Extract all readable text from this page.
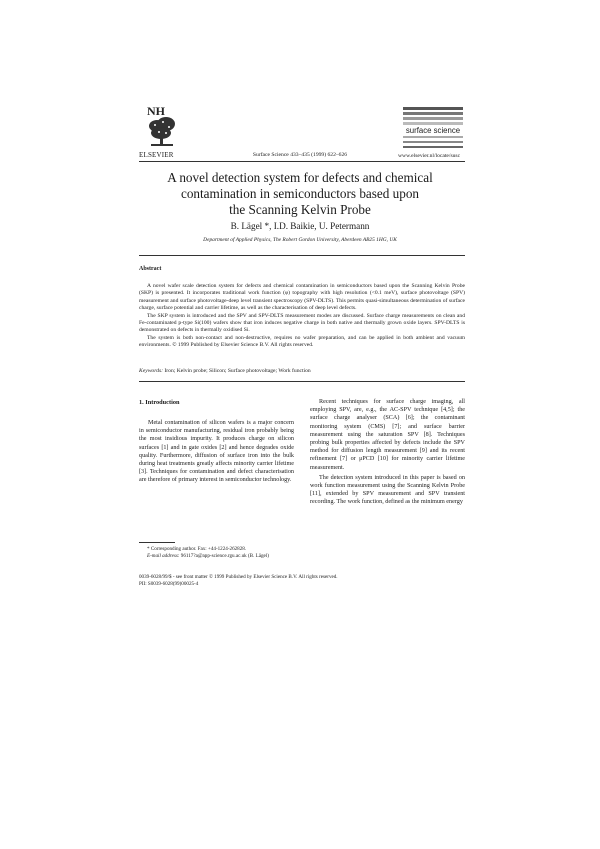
NH
ELSEVIER	Surface Science 433–435 (1999) 622–626
surface science
www.elsevier.nl/locate/susc
A novel detection system for defects and chemical
contamination in semiconductors based upon
the Scanning Kelvin Probe
B. Lägel *, I.D. Baikie, U. Petermann
Department of Applied Physics, The Robert Gordon University, Aberdeen AB25 1HG, UK
Abstract

A novel wafer scale detection system for defects and chemical contamination in semiconductors based upon the Scanning Kelvin Probe (SKP) is presented. It incorporates traditional work function (φ) topography with high resolution (<0.1 meV), surface photovoltage (SPV) measurement and surface photovoltage-deep level transient spectroscopy (SPV-DLTS). This permits quasi-simultaneous determination of surface charge, surface potential and carrier lifetime, as well as the characterisation of deep level defects.

The SKP system is introduced and the SPV and SPV-DLTS measurement modes are discussed. Surface charge measurements on clean and Fe-contaminated p-type Si(100) wafers show that iron induces negative charge in both native and thermally grown oxide layers. SPV-DLTS is demonstrated on defects in thermally oxidised Si.

The system is both non-contact and non-destructive, requires no wafer preparation, and can be applied in both ambient and vacuum environments. © 1999 Published by Elsevier Science B.V. All rights reserved.

Keywords: Iron; Kelvin probe; Silicon; Surface photovoltage; Work function
1. Introduction

Metal contamination of silicon wafers is a major concern in semiconductor manufacturing, residual iron probably being the most insidious impurity. It produces charge on silicon surfaces [1] and in gate oxides [2] and hence degrades oxide quality. Furthermore, diffusion of surface iron into the bulk during heat treatments greatly affects minority carrier lifetime [3]. Techniques for contamination and defect characterisation are therefore of primary interest in semiconductor technology.

Recent techniques for surface charge imaging, all employing SPV, are, e.g., the AC-SPV technique [4,5]; the surface charge analyser (SCA) [6]; the contaminant monitoring system (CMS) [7]; and surface barrier measurement using the saturation SPV [8]. Techniques probing bulk properties affected by defects include the SPV method for diffusion length measurement [9] and its recent refinement [7] or μPCD [10] for minority carrier lifetime measurement.

The detection system introduced in this paper is based on work function measurement using the Scanning Kelvin Probe [11], extended by SPV measurement and SPV transient recording. The work function, defined as the minimum energy

* Corresponding author. Fax: +44-1224-262828.
E-mail address: 96117?a@app-science.rgu.ac.uk (B. Lägel)
0039-6028/99/$ - see front matter © 1999 Published by Elsevier Science B.V. All rights reserved.
PII: S0039-6028(99)00025-4
